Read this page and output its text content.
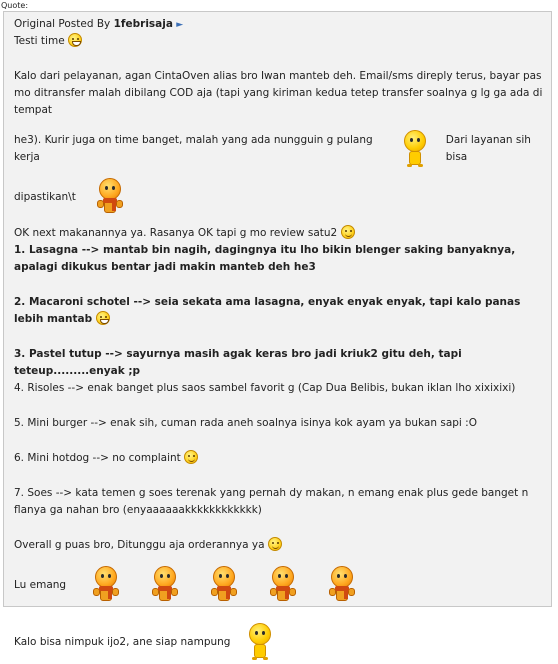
Quote:
Original Posted By 1febrisaja ►
Testi time
Kalo dari pelayanan, agan CintaOven alias bro Iwan manteb deh. Email/sms direply terus, bayar pas mo ditransfer malah dibilang COD aja (tapi yang kiriman kedua tetep transfer soalnya g lg ga ada di tempat
he3). Kurir juga on time banget, malah yang ada nungguin g pulang kerja
Dari layanan sih bisa
dipastikan\t
OK next makanannya ya. Rasanya OK tapi g mo review satu2
1. Lasagna --> mantab bin nagih, dagingnya itu lho bikin blenger saking banyaknya, apalagi dikukus bentar jadi makin manteb deh he3
2. Macaroni schotel --> seia sekata ama lasagna, enyak enyak enyak, tapi kalo panas lebih mantab
3. Pastel tutup --> sayurnya masih agak keras bro jadi kriuk2 gitu deh, tapi teteup.........enyak ;p
4. Risoles --> enak banget plus saos sambel favorit g (Cap Dua Belibis, bukan iklan lho xixixixi)
5. Mini burger --> enak sih, cuman rada aneh soalnya isinya kok ayam ya bukan sapi :O
6. Mini hotdog --> no complaint
7. Soes --> kata temen g soes terenak yang pernah dy makan, n emang enak plus gede banget n flanya ga nahan bro (enyaaaaaakkkkkkkkkkkk)
Overall g puas bro, Ditunggu aja orderannya ya
Lu emang
Kalo bisa nimpuk ijo2, ane siap nampung
